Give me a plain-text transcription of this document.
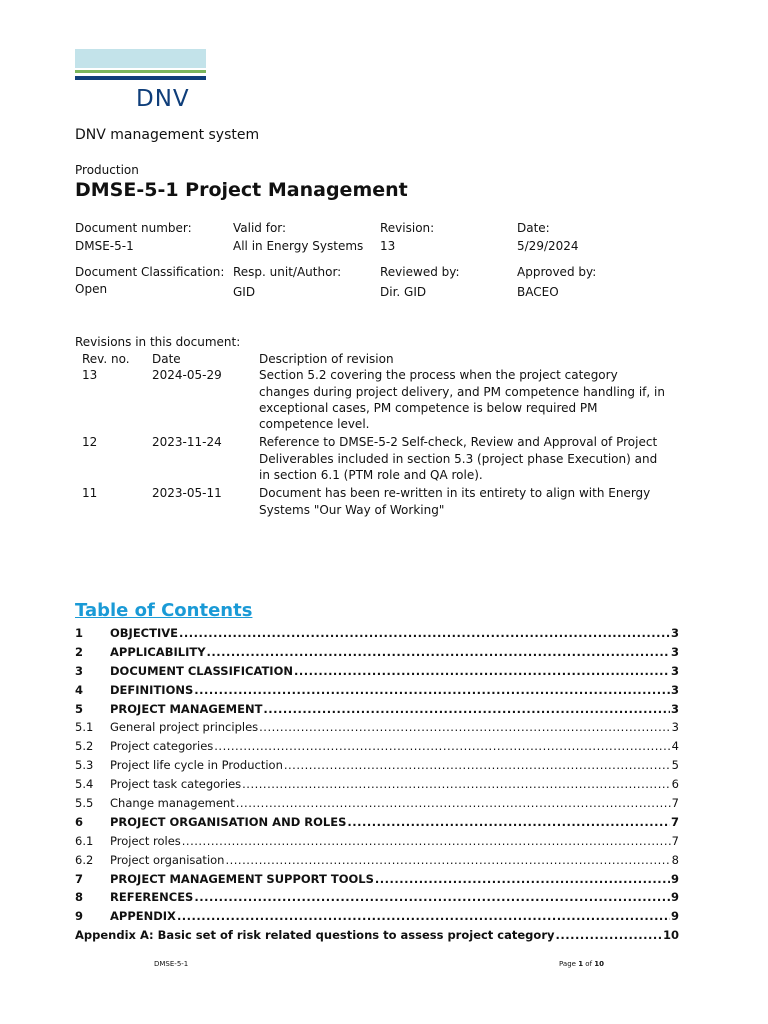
DNV
DNV management system
Production
DMSE-5-1 Project Management
Document number:
DMSE-5-1
Valid for:
All in Energy Systems
Revision:
13
Date:
5/29/2024
Document Classification:
Open
Resp. unit/Author:
GID
Reviewed by:
Dir. GID
Approved by:
BACEO
Revisions in this document:
Rev. no. Date	Description of revision
13	2024-05-29	Section 5.2 covering the process when the project category changes during project delivery, and PM competence handling if, in exceptional cases, PM competence is below required PM competence level.
12	2023-11-24	Reference to DMSE-5-2 Self-check, Review and Approval of Project Deliverables included in section 5.3 (project phase Execution) and in section 6.1 (PTM role and QA role).
11	2023-05-11	Document has been re-written in its entirety to align with Energy Systems "Our Way of Working"
Table of Contents
1	OBJECTIVE .....	3
2	APPLICABILITY .....	3
3	DOCUMENT CLASSIFICATION .....	3
4	DEFINITIONS .....	3
5	PROJECT MANAGEMENT .....	3
5.1	General project principles .....	3
5.2	Project categories .....	4
5.3	Project life cycle in Production .....	5
5.4	Project task categories .....	6
5.5	Change management .....	7
6	PROJECT ORGANISATION AND ROLES .....	7
6.1	Project roles .....	7
6.2	Project organisation .....	8
7	PROJECT MANAGEMENT SUPPORT TOOLS .....	9
8	REFERENCES .....	9
9	APPENDIX .....	9
Appendix A: Basic set of risk related questions to assess project category .....	10
DMSE-5-1	Page 1 of 10
